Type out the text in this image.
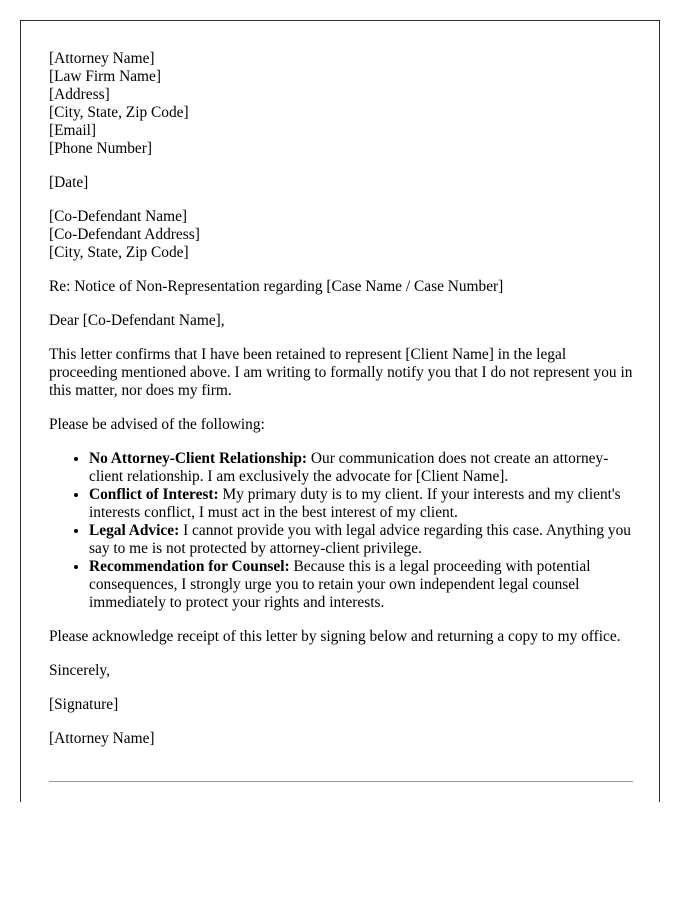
[Attorney Name]
[Law Firm Name]
[Address]
[City, State, Zip Code]
[Email]
[Phone Number]

[Date]

[Co-Defendant Name]
[Co-Defendant Address]
[City, State, Zip Code]

Re: Notice of Non-Representation regarding [Case Name / Case Number]

Dear [Co-Defendant Name],

This letter confirms that I have been retained to represent [Client Name] in the legal proceeding mentioned above. I am writing to formally notify you that I do not represent you in this matter, nor does my firm.

Please be advised of the following:

• No Attorney-Client Relationship: Our communication does not create an attorney-client relationship. I am exclusively the advocate for [Client Name].
• Conflict of Interest: My primary duty is to my client. If your interests and my client's interests conflict, I must act in the best interest of my client.
• Legal Advice: I cannot provide you with legal advice regarding this case. Anything you say to me is not protected by attorney-client privilege.
• Recommendation for Counsel: Because this is a legal proceeding with potential consequences, I strongly urge you to retain your own independent legal counsel immediately to protect your rights and interests.

Please acknowledge receipt of this letter by signing below and returning a copy to my office.

Sincerely,

[Signature]

[Attorney Name]
